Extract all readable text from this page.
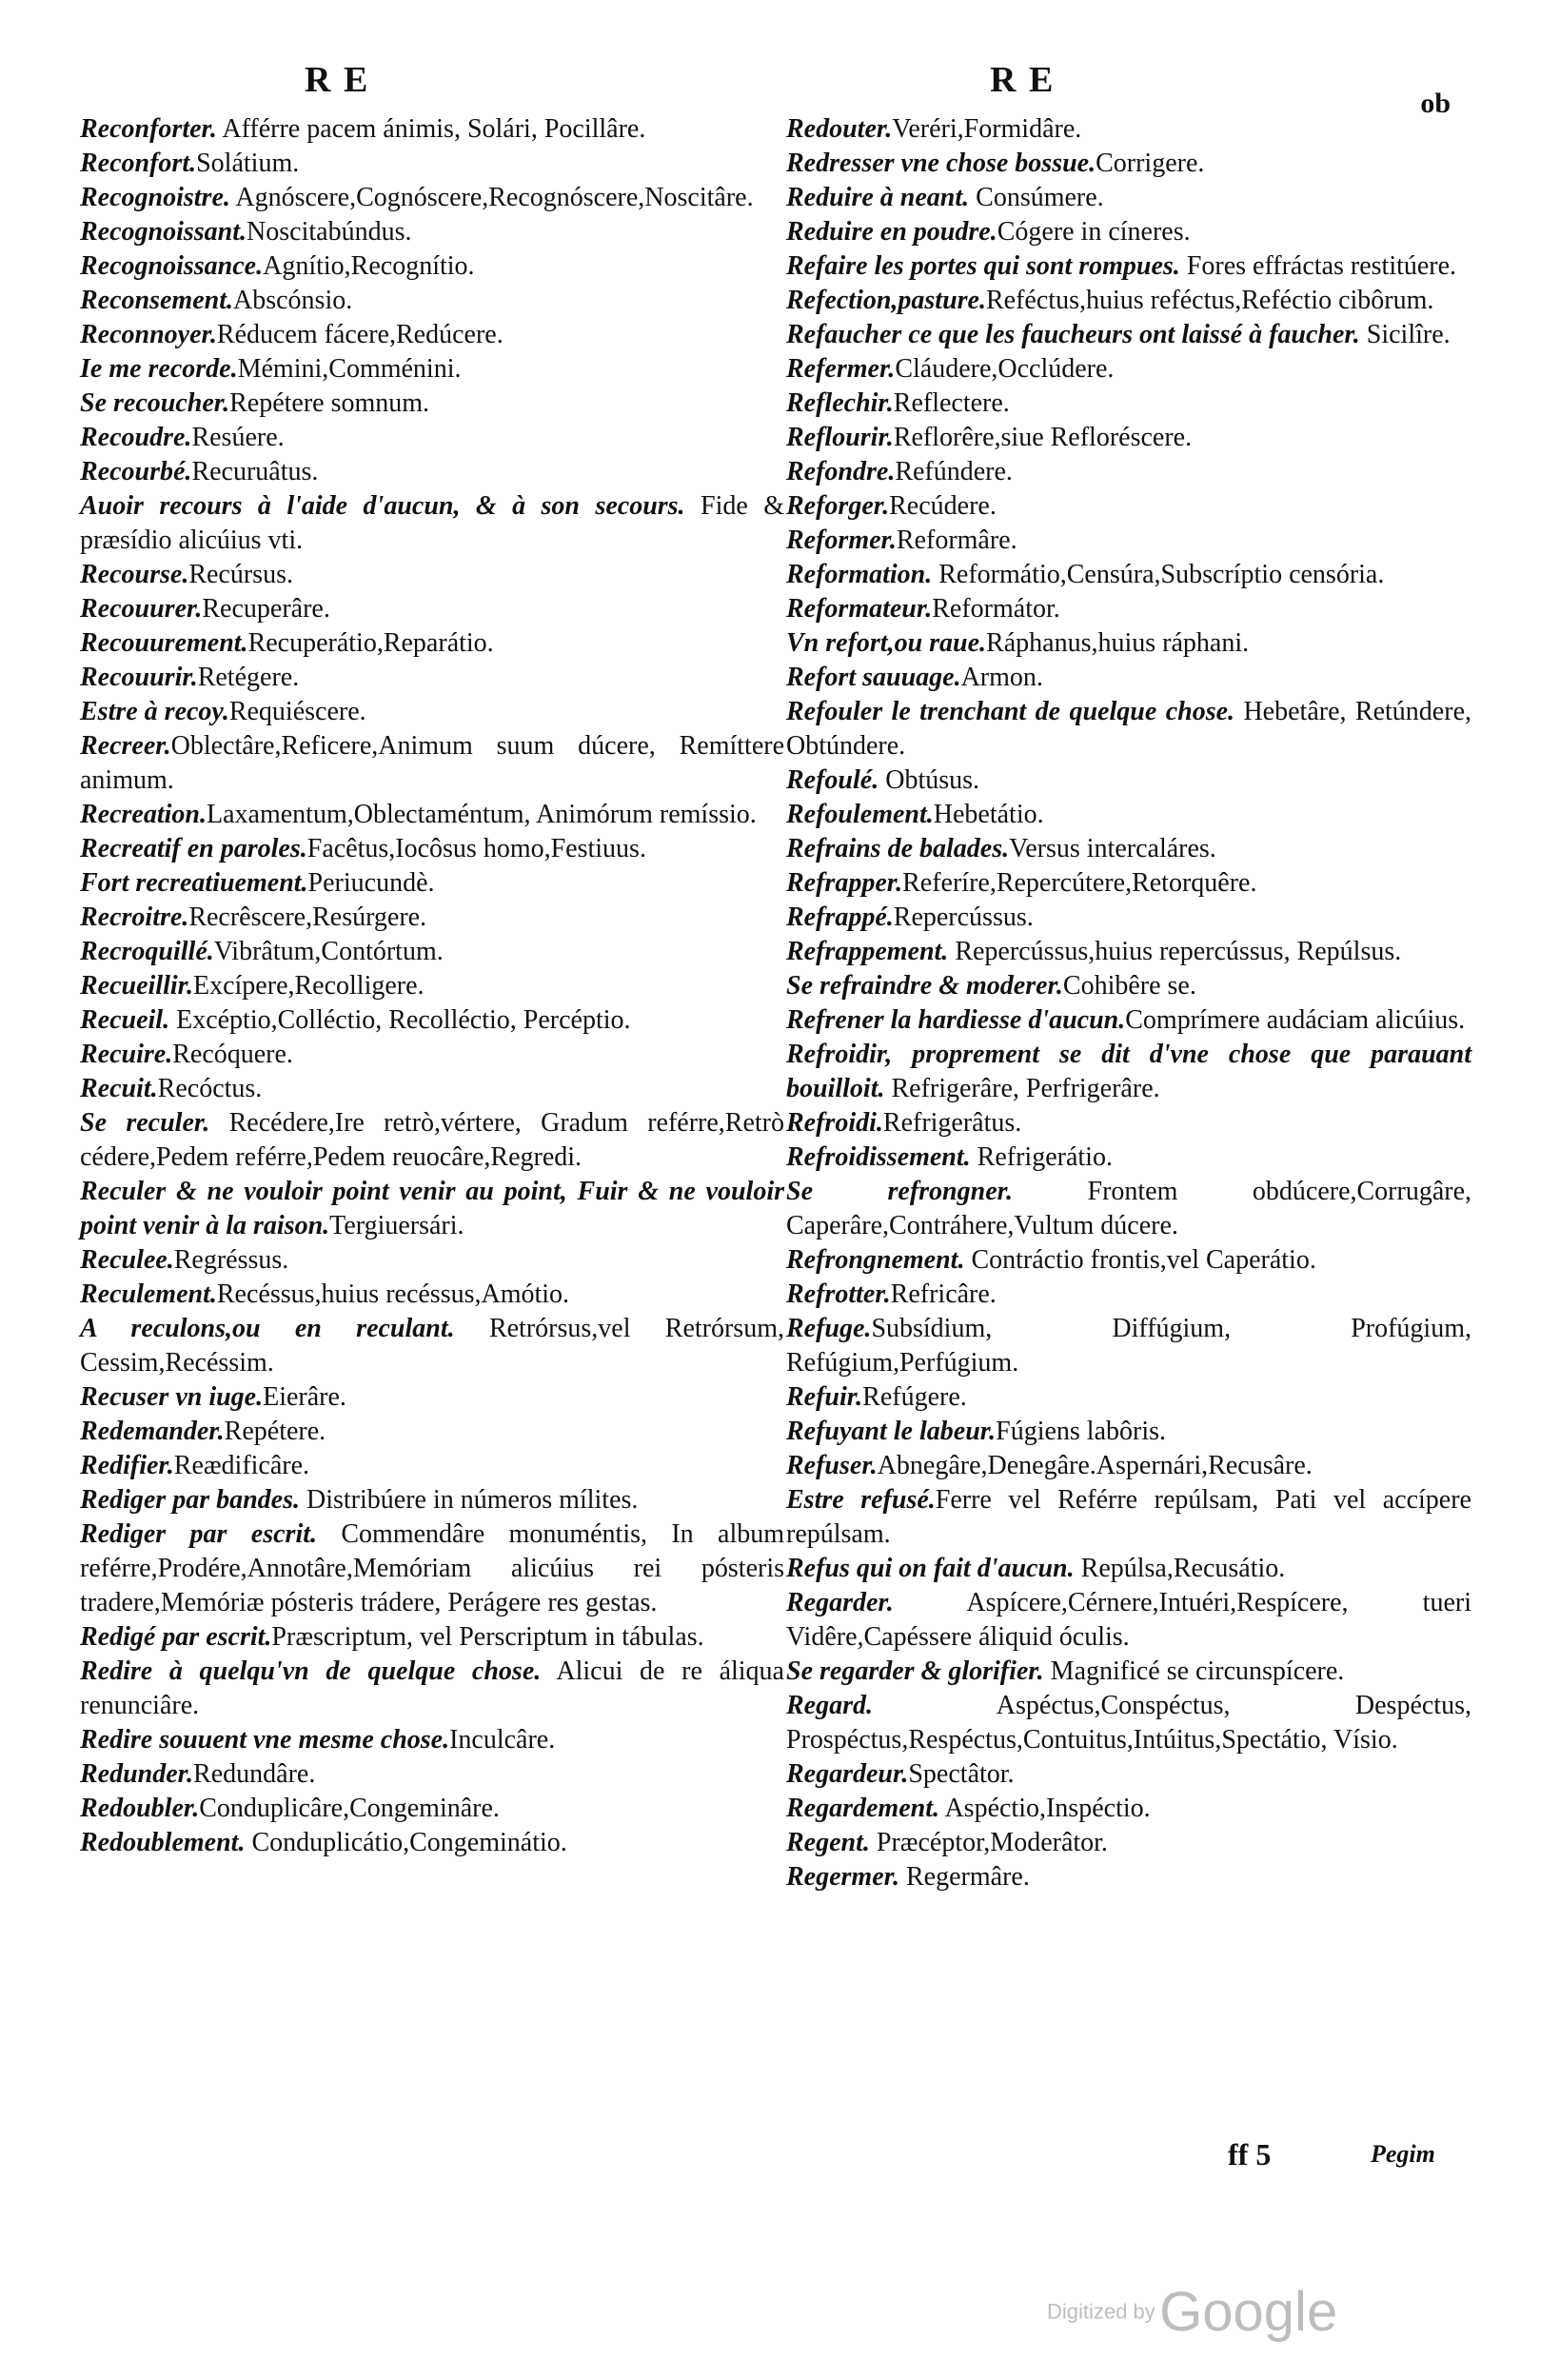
R E	R E
ob

Reconforter. Afférre pacem ánimis, Solári, Pocillâre.

Reconfort.Solátium.

Recognoistre. Agnóscere,Cognóscere,Recognóscere,Noscitâre.

Recognoissant.Noscitabúndus.

Recognoissance.Agnítio,Recognítio.

Reconsement.Abscónsio.

Reconnoyer.Réducem fácere,Redúcere.

Ie me recorde.Mémini,Comménini.

Se recoucher.Repétere somnum.

Recoudre.Resúere.

Recourbé.Recuruâtus.

Auoir recours à l'aide d'aucun, & à son secours. Fide & præsídio alicúius vti.

Recourse.Recúrsus.

Recouurer.Recuperâre.

Recouurement.Recuperátio,Reparátio.

Recouurir.Retégere.

Estre à recoy.Requiéscere.

Recreer.Oblectâre,Reficere,Animum suum dúcere, Remíttere animum.

Recreation.Laxamentum,Oblectaméntum, Animórum remíssio.

Recreatif en paroles.Facêtus,Iocôsus homo,Festiuus.

Fort recreatiuement.Periucundè.

Recroitre.Recrêscere,Resúrgere.

Recroquillé.Vibrâtum,Contórtum.

Recueillir.Excípere,Recolligere.

Recueil. Excéptio,Colléctio, Recolléctio, Percéptio.

Recuire.Recóquere.

Recuit.Recóctus.

Se reculer. Recédere,Ire retrò,vértere, Gradum reférre,Retrò cédere,Pedem reférre,Pedem reuocâre,Regredi.

Reculer & ne vouloir point venir au point, Fuir & ne vouloir point venir à la raison.Tergiuersári.

Reculee.Regréssus.

Reculement.Recéssus,huius recéssus,Amótio.

A reculons,ou en reculant. Retrórsus,vel Retrórsum, Cessim,Recéssim.

Recuser vn iuge.Eierâre.

Redemander.Repétere.

Redifier.Reædificâre.

Rediger par bandes. Distribúere in números mílites.

Rediger par escrit. Commendâre monuméntis, In album reférre,Prodére,Annotâre,Memóriam alicúius rei pósteris tradere,Memóriæ pósteris trádere, Perágere res gestas.

Redigé par escrit.Præscriptum, vel Perscriptum in tábulas.

Redire à quelqu'vn de quelque chose. Alicui de re áliqua renunciâre.

Redire souuent vne mesme chose.Inculcâre.

Redunder.Redundâre.

Redoubler.Conduplicâre,Congeminâre.

Redoublement. Conduplicátio,Congeminátio.

Redouter.Veréri,Formidâre.

Redresser vne chose bossue.Corrigere.

Reduire à neant. Consúmere.

Reduire en poudre.Cógere in cíneres.

Refaire les portes qui sont rompues. Fores effráctas restitúere.

Refection,pasture.Reféctus,huius reféctus,Reféctio cibôrum.

Refaucher ce que les faucheurs ont laissé à faucher. Sicilîre.

Refermer.Cláudere,Occlúdere.

Reflechir.Reflectere.

Reflourir.Reflorêre,siue Refloréscere.

Refondre.Refúndere.

Reforger.Recúdere.

Reformer.Reformâre.

Reformation. Reformátio,Censúra,Subscríptio censória.

Reformateur.Reformátor.

Vn refort,ou raue.Ráphanus,huius ráphani.

Refort sauuage.Armon.

Refouler le trenchant de quelque chose. Hebetâre, Retúndere, Obtúndere.

Refoulé. Obtúsus.

Refoulement.Hebetátio.

Refrains de balades.Versus intercaláres.

Refrapper.Referíre,Repercútere,Retorquêre.

Refrappé.Repercússus.

Refrappement. Repercússus,huius repercússus, Repúlsus.

Se refraindre & moderer.Cohibêre se.

Refrener la hardiesse d'aucun.Comprímere audáciam alicúius.

Refroidir, proprement se dit d'vne chose que parauant bouilloit. Refrigerâre, Perfrigerâre.

Refroidi.Refrigerâtus.

Refroidissement. Refrigerátio.

Se refrongner. Frontem obdúcere,Corrugâre, Caperâre,Contráhere,Vultum dúcere.

Refrongnement. Contráctio frontis,vel Caperátio.

Refrotter.Refricâre.

Refuge.Subsídium, Diffúgium, Profúgium, Refúgium,Perfúgium.

Refuir.Refúgere.

Refuyant le labeur.Fúgiens labôris.

Refuser.Abnegâre,Denegâre.Aspernári,Recusâre.

Estre refusé.Ferre vel Reférre repúlsam, Pati vel accípere repúlsam.

Refus qui on fait d'aucun. Repúlsa,Recusátio.

Regarder. Aspícere,Cérnere,Intuéri,Respícere, tueri Vidêre,Capéssere áliquid óculis.

Se regarder & glorifier. Magnificé se circunspícere.

Regard. Aspéctus,Conspéctus, Despéctus, Prospéctus,Respéctus,Contuitus,Intúitus,Spectátio, Vísio.

Regardeur.Spectâtor.

Regardement. Aspéctio,Inspéctio.

Regent. Præcéptor,Moderâtor.

Regermer. Regermâre.

ff 5	Pegim
Digitized by Google
